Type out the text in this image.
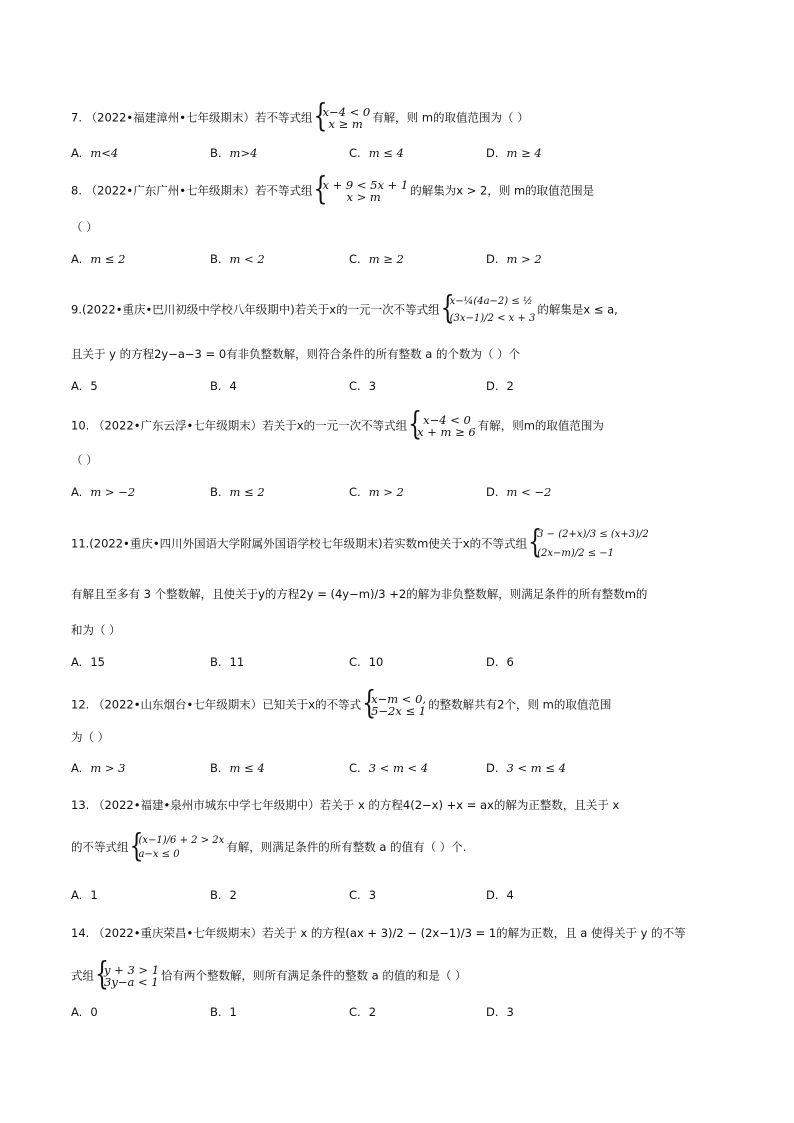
7. （2022•福建漳州•七年级期末）若不等式组 { x−4 < 0
x ≥ m 有解，则 m的取值范围为（ ）
A. m<4	B. m>4	C. m ≤ 4	D. m ≥ 4
8. （2022•广东广州•七年级期末）若不等式组 { x + 9 < 5x + 1
x > m	的解集为x > 2，则 m的取值范围是
（ ）
A. m ≤ 2	B. m < 2	C. m ≥ 2	D. m > 2
9.(2022•重庆•巴川初级中学校八年级期中)若关于x的一元一次不等式组
{ x−¼(4a−2) ≤ ½
(3x−1)/2 < x + 3
的解集是x ≤ a,
且关于 y 的方程2y−a−3 = 0有非负整数解，则符合条件的所有整数 a 的个数为（ ）个
A. 5	B. 4	C. 3	D. 2
10. （2022•广东云浮•七年级期末）若关于x的一元一次不等式组	{ x−4 < 0
x + m ≥ 6 有解，则m的取值范围为
（ ）
A. m > −2	B. m ≤ 2	C. m > 2	D. m < −2
11.(2022•重庆•四川外国语大学附属外国语学校七年级期末)若实数m使关于x的不等式组
{ 3 − (2+x)/3 ≤ (x+3)/2
(2x−m)/2 ≤ −1
有解且至多有 3 个整数解，且使关于y的方程2y = (4y−m)/3 +2的解为非负整数解，则满足条件的所有整数m的
和为（ ）
A. 15	B. 11	C. 10	D. 6
12. （2022•山东烟台•七年级期末）已知关于x的不等式 { x−m < 0,
5−2x ≤ 1 的整数解共有2个，则 m的取值范围
为（ ）
A. m > 3	B. m ≤ 4	C. 3 < m < 4	D. 3 < m ≤ 4
13. （2022•福建•泉州市城东中学七年级期中）若关于 x 的方程4(2−x) +x = ax的解为正整数，且关于 x
的不等式组 { (x−1)/6 + 2 > 2x
a−x ≤ 0
有解，则满足条件的所有整数 a 的值有（ ）个.
A. 1	B. 2	C. 3	D. 4
14. （2022•重庆荣昌•七年级期末）若关于 x 的方程(ax + 3)/2 − (2x−1)/3 = 1的解为正数，且 a 使得关于 y 的不等
式组 { y + 3 > 1
3y−a < 1 恰有两个整数解，则所有满足条件的整数 a 的值的和是（ ）
A. 0	B. 1	C. 2	D. 3
